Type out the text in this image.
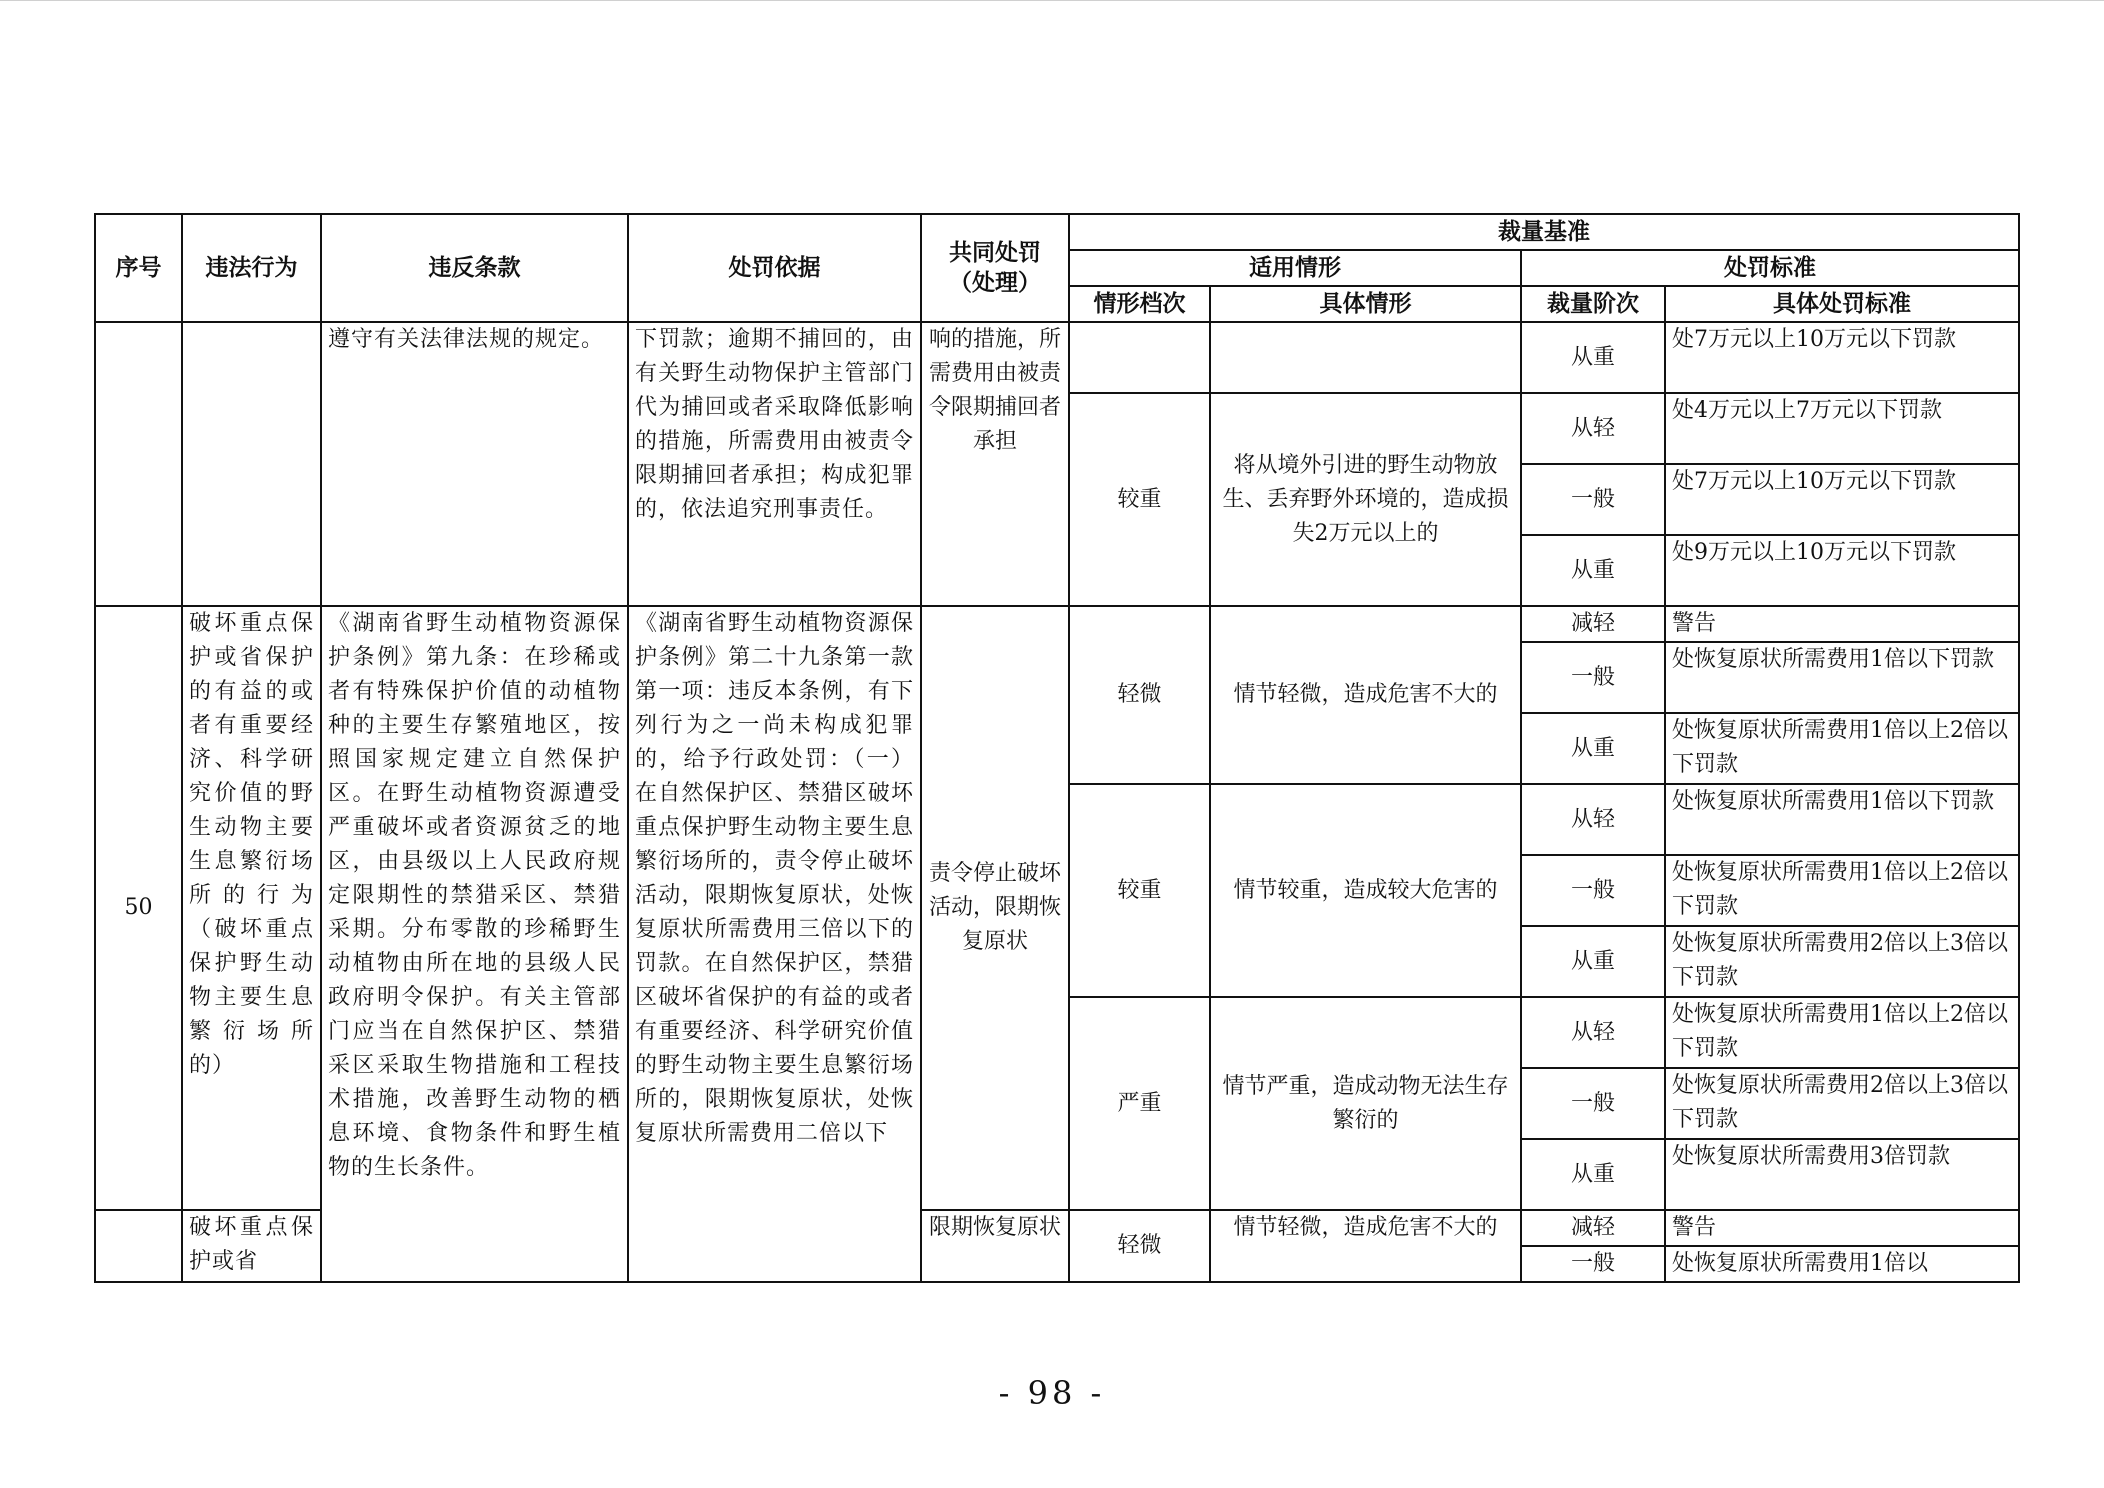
序号	违法行为	违反条款	处罚依据	共同处罚（处理）	裁量基准			
					适用情形		处罚标准	
					情形档次	具体情形	裁量阶次	具体处罚标准
		遵守有关法律法规的规定。	下罚款；逾期不捕回的，由有关野生动物保护主管部门代为捕回或者采取降低影响的措施，所需费用由被责令限期捕回者承担；构成犯罪的，依法追究刑事责任。	响的措施，所需费用由被责令限期捕回者承担			从重	处7万元以上10万元以下罚款
					较重	将从境外引进的野生动物放生、丢弃野外环境的，造成损失2万元以上的	从轻	处4万元以上7万元以下罚款
							一般	处7万元以上10万元以下罚款
							从重	处9万元以上10万元以下罚款
50	破坏重点保护或省保护的有益的或者有重要经济、科学研究价值的野生动物主要生息繁衍场所的行为（破坏重点保护野生动物主要生息繁衍场所的）	《湖南省野生动植物资源保护条例》第九条：在珍稀或者有特殊保护价值的动植物种的主要生存繁殖地区，按照国家规定建立自然保护区。在野生动植物资源遭受严重破坏或者资源贫乏的地区，由县级以上人民政府规定限期性的禁猎采区、禁猎采期。分布零散的珍稀野生动植物由所在地的县级人民政府明令保护。有关主管部门应当在自然保护区、禁猎采区采取生物措施和工程技术措施，改善野生动物的栖息环境、食物条件和野生植物的生长条件。	《湖南省野生动植物资源保护条例》第二十九条第一款第一项：违反本条例，有下列行为之一尚未构成犯罪的，给予行政处罚：（一）在自然保护区、禁猎区破坏重点保护野生动物主要生息繁衍场所的，责令停止破坏活动，限期恢复原状，处恢复原状所需费用三倍以下的罚款。在自然保护区，禁猎区破坏省保护的有益的或者有重要经济、科学研究价值的野生动物主要生息繁衍场所的，限期恢复原状，处恢复原状所需费用二倍以下	责令停止破坏活动，限期恢复原状	轻微	情节轻微，造成危害不大的	减轻	警告
							一般	处恢复原状所需费用1倍以下罚款
							从重	处恢复原状所需费用1倍以上2倍以下罚款
					较重	情节较重，造成较大危害的	从轻	处恢复原状所需费用1倍以下罚款
							一般	处恢复原状所需费用1倍以上2倍以下罚款
							从重	处恢复原状所需费用2倍以上3倍以下罚款
					严重	情节严重，造成动物无法生存繁衍的	从轻	处恢复原状所需费用1倍以上2倍以下罚款
							一般	处恢复原状所需费用2倍以上3倍以下罚款
							从重	处恢复原状所需费用3倍罚款
	破坏重点保护或省			限期恢复原状	轻微	情节轻微，造成危害不大的	减轻	警告
							一般	处恢复原状所需费用1倍以
- 98 -
